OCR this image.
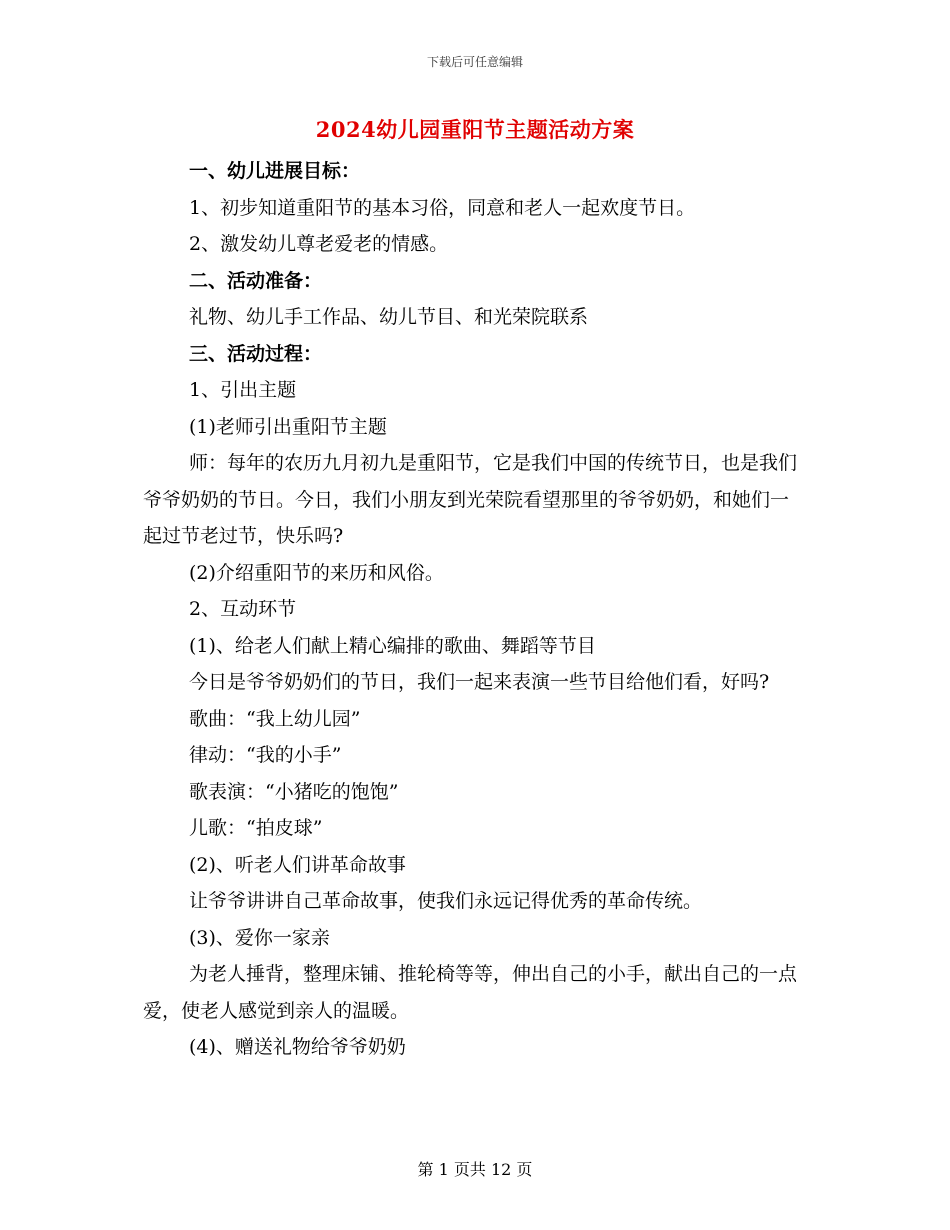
下载后可任意编辑
2024幼儿园重阳节主题活动方案

一、幼儿进展目标：

1、初步知道重阳节的基本习俗，同意和老人一起欢度节日。

2、激发幼儿尊老爱老的情感。

二、活动准备：

礼物、幼儿手工作品、幼儿节目、和光荣院联系

三、活动过程：

1、引出主题

(1)老师引出重阳节主题

师：每年的农历九月初九是重阳节，它是我们中国的传统节日，也是我们爷爷奶奶的节日。今日，我们小朋友到光荣院看望那里的爷爷奶奶，和她们一起过节老过节，快乐吗?

(2)介绍重阳节的来历和风俗。

2、互动环节

(1)、给老人们献上精心编排的歌曲、舞蹈等节目

今日是爷爷奶奶们的节日，我们一起来表演一些节目给他们看，好吗?

歌曲：“我上幼儿园”

律动：“我的小手”

歌表演：“小猪吃的饱饱”

儿歌：“拍皮球”

(2)、听老人们讲革命故事

让爷爷讲讲自己革命故事，使我们永远记得优秀的革命传统。

(3)、爱你一家亲

为老人捶背，整理床铺、推轮椅等等，伸出自己的小手，献出自己的一点爱，使老人感觉到亲人的温暖。

(4)、赠送礼物给爷爷奶奶

第 1 页共 12 页
